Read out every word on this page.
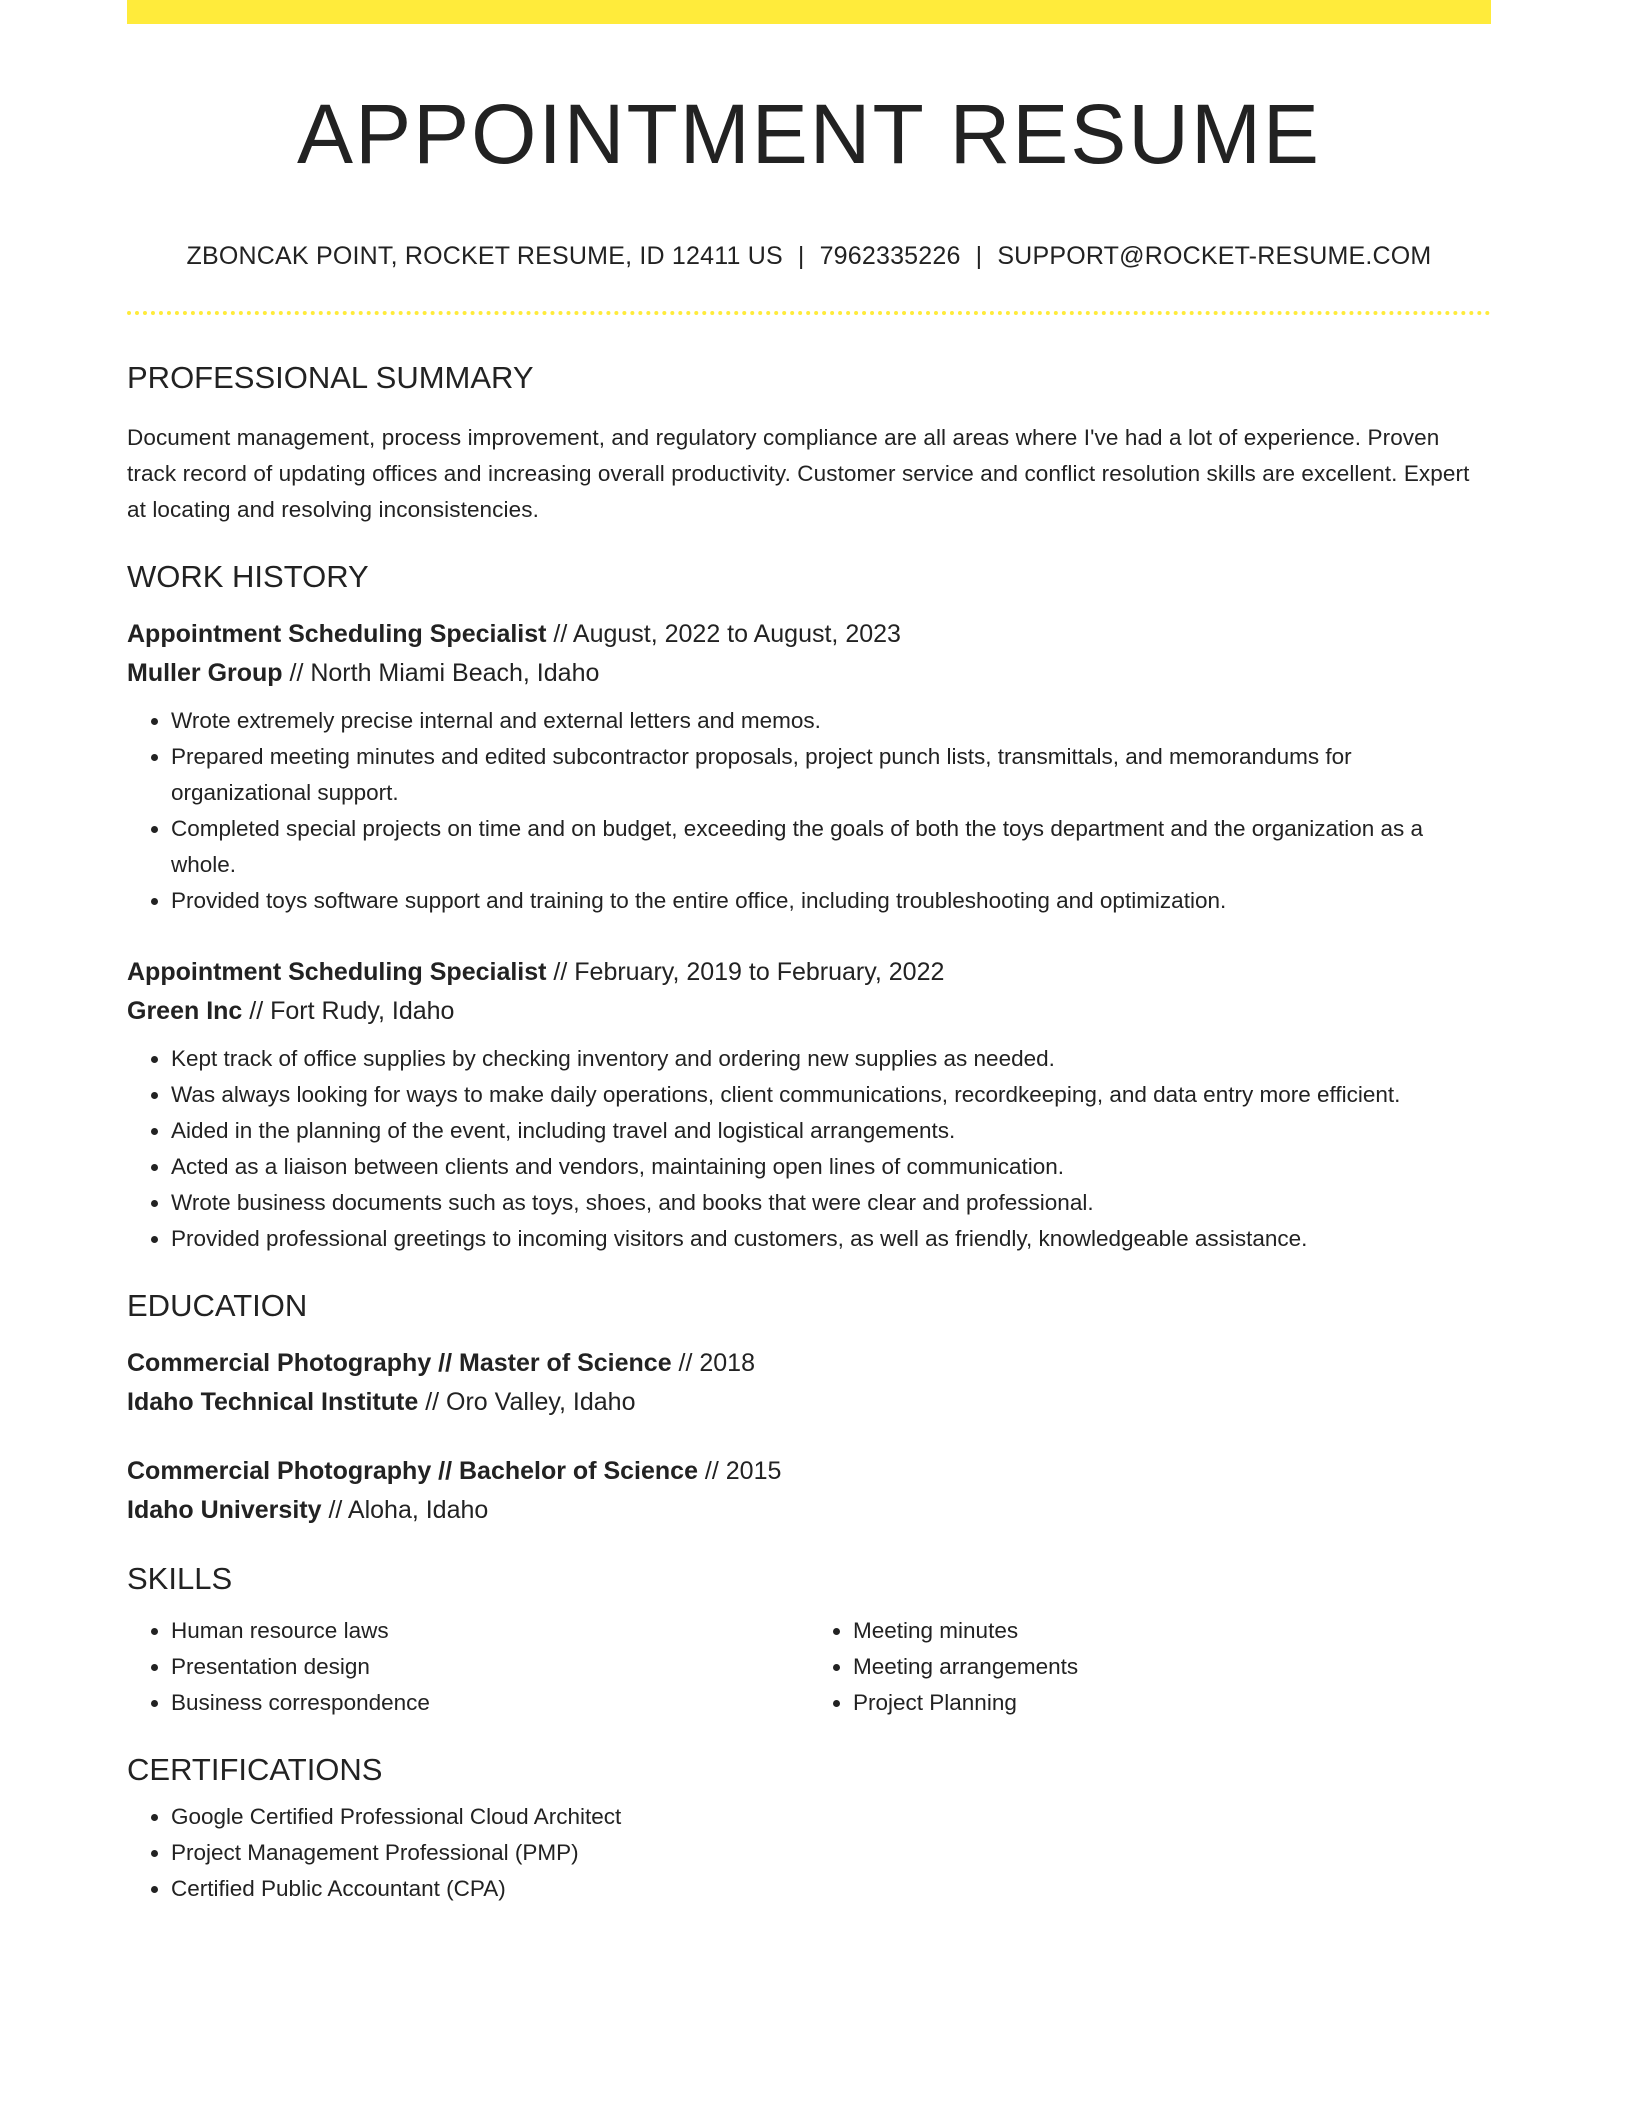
APPOINTMENT RESUME
ZBONCAK POINT, ROCKET RESUME, ID 12411 US | 7962335226 | SUPPORT@ROCKET-RESUME.COM
PROFESSIONAL SUMMARY

Document management, process improvement, and regulatory compliance are all areas where I've had a lot of experience. Proven track record of updating offices and increasing overall productivity. Customer service and conflict resolution skills are excellent. Expert at locating and resolving inconsistencies.

WORK HISTORY
Appointment Scheduling Specialist // August, 2022 to August, 2023
Muller Group // North Miami Beach, Idaho
• Wrote extremely precise internal and external letters and memos.
• Prepared meeting minutes and edited subcontractor proposals, project punch lists, transmittals, and memorandums for organizational support.
• Completed special projects on time and on budget, exceeding the goals of both the toys department and the organization as a whole.
• Provided toys software support and training to the entire office, including troubleshooting and optimization.
Appointment Scheduling Specialist // February, 2019 to February, 2022
Green Inc // Fort Rudy, Idaho
• Kept track of office supplies by checking inventory and ordering new supplies as needed.
• Was always looking for ways to make daily operations, client communications, recordkeeping, and data entry more efficient.
• Aided in the planning of the event, including travel and logistical arrangements.
• Acted as a liaison between clients and vendors, maintaining open lines of communication.
• Wrote business documents such as toys, shoes, and books that were clear and professional.
• Provided professional greetings to incoming visitors and customers, as well as friendly, knowledgeable assistance.
EDUCATION
Commercial Photography // Master of Science // 2018
Idaho Technical Institute // Oro Valley, Idaho
Commercial Photography // Bachelor of Science // 2015
Idaho University // Aloha, Idaho
SKILLS
• Human resource laws
• Presentation design
• Business correspondence
• Meeting minutes
• Meeting arrangements
• Project Planning
CERTIFICATIONS
• Google Certified Professional Cloud Architect
• Project Management Professional (PMP)
• Certified Public Accountant (CPA)
